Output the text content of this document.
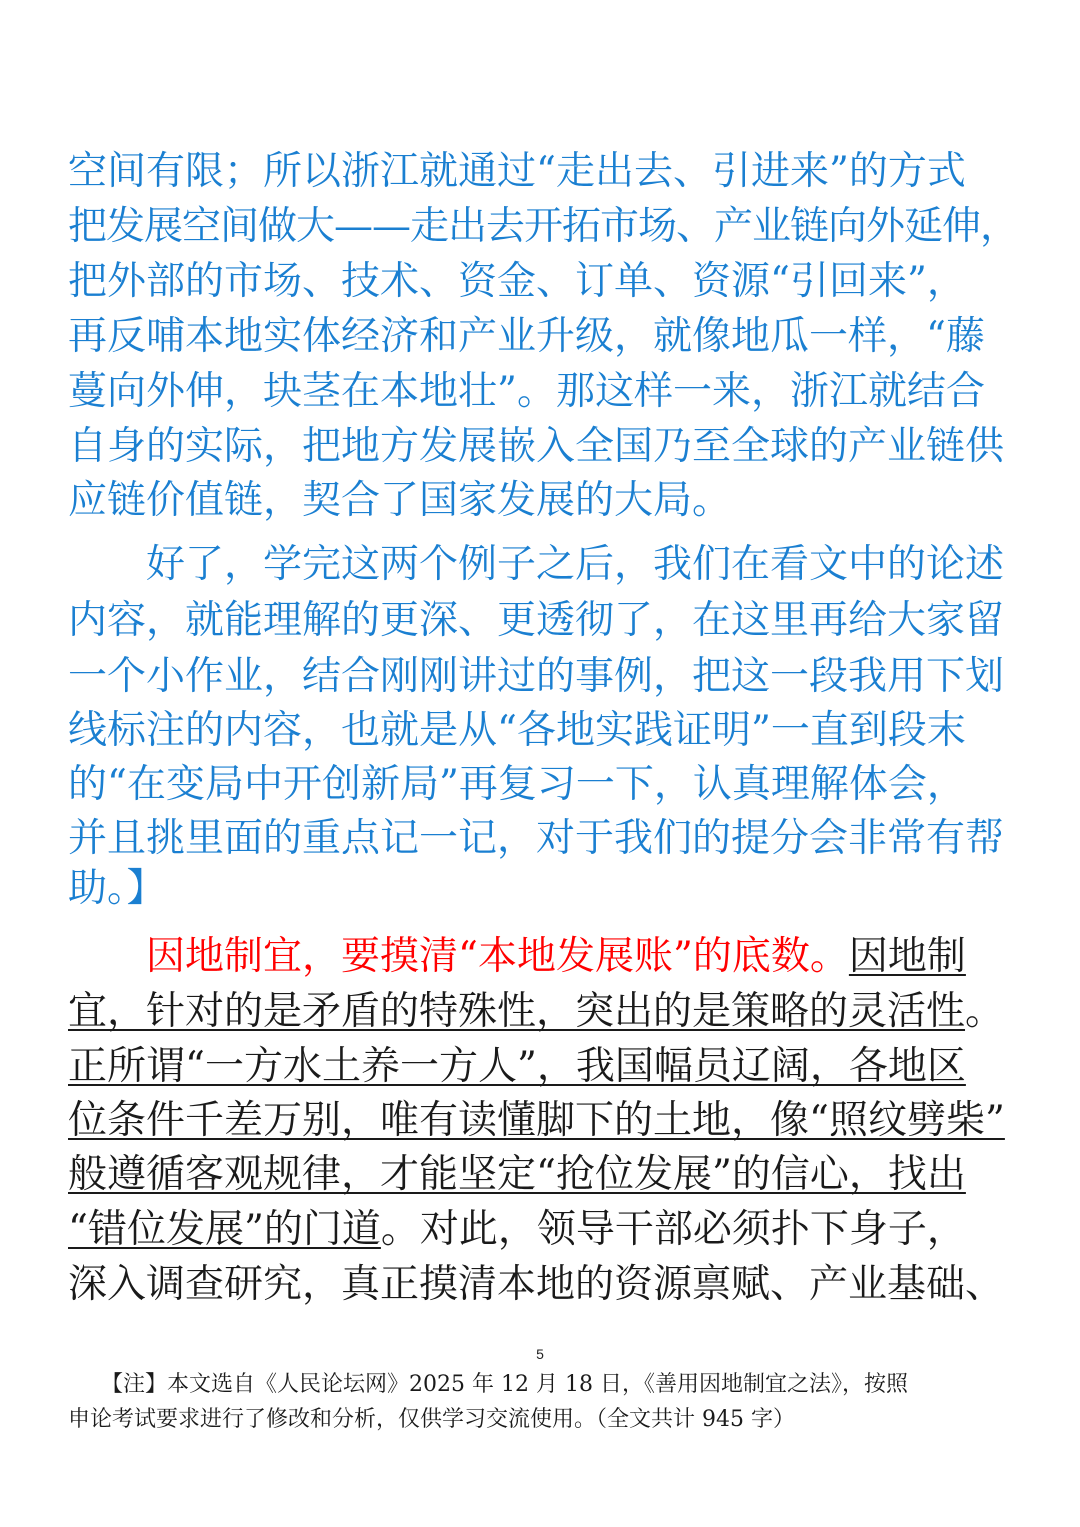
空间有限；所以浙江就通过“走出去、引进来”的方式
把发展空间做大——走出去开拓市场、产业链向外延伸，
把外部的市场、技术、资金、订单、资源“引回来”，
再反哺本地实体经济和产业升级，就像地瓜一样，“藤
蔓向外伸，块茎在本地壮”。那这样一来，浙江就结合
自身的实际，把地方发展嵌入全国乃至全球的产业链供
应链价值链，契合了国家发展的大局。
　　好了，学完这两个例子之后，我们在看文中的论述
内容，就能理解的更深、更透彻了，在这里再给大家留
一个小作业，结合刚刚讲过的事例，把这一段我用下划
线标注的内容，也就是从“各地实践证明”一直到段末
的“在变局中开创新局”再复习一下，认真理解体会，
并且挑里面的重点记一记，对于我们的提分会非常有帮
助。】
　　因地制宜，要摸清“本地发展账”的底数。因地制
宜，针对的是矛盾的特殊性，突出的是策略的灵活性。
正所谓“一方水土养一方人”，我国幅员辽阔，各地区
位条件千差万别，唯有读懂脚下的土地，像“照纹劈柴”
般遵循客观规律，才能坚定“抢位发展”的信心，找出
“错位发展”的门道。对此，领导干部必须扑下身子，
深入调查研究，真正摸清本地的资源禀赋、产业基础、
5
　　【注】本文选自《人民论坛网》2025 年 12 月 18 日，《善用因地制宜之法》，按照
申论考试要求进行了修改和分析，仅供学习交流使用。（全文共计 945 字）
